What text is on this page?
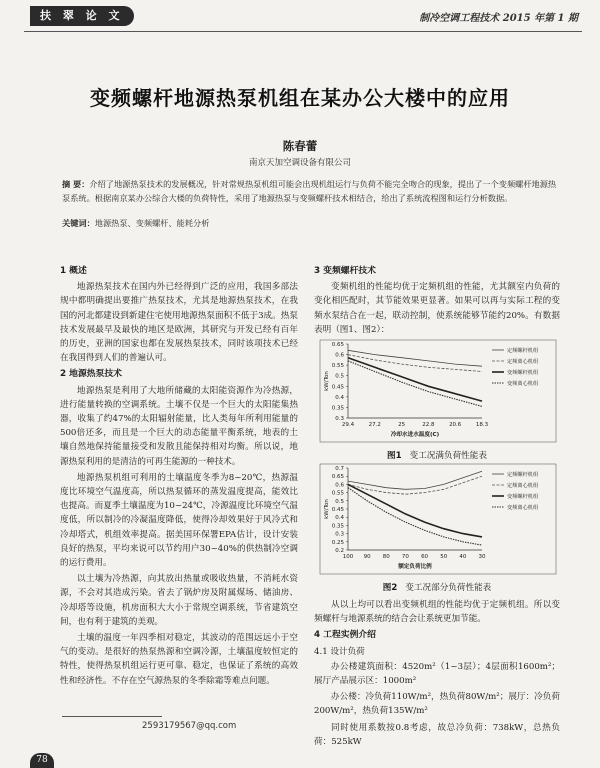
扶 翠 论 文	制冷空调工程技术 2015 年第 1 期
变频螺杆地源热泵机组在某办公大楼中的应用
陈春蕾
南京天加空调设备有限公司
摘 要：介绍了地源热泵技术的发展概况，针对常规热泵机组可能会出现机组运行与负荷不能完全吻合的现象，提出了一个变频螺杆地源热泵系统。根据南京某办公综合大楼的负荷特性，采用了地源热泵与变频螺杆技术相结合，给出了系统流程图和运行分析数据。
关键词：地源热泵、变频螺杆、能耗分析
1 概述
地源热泵技术在国内外已经得到广泛的应用，我国多部法规中都明确提出要推广热泵技术，尤其是地源热泵技术，在我国的河北都建设到新建住宅使用地源热泵面积不低于3成。热泵技术发展最早及最快的地区是欧洲，其研究与开发已经有百年的历史，亚洲的国家也都在发展热泵技术，同时该项技术已经在我国得到人们的普遍认可。
2 地源热泵技术
地源热泵是利用了大地所储藏的太阳能资源作为冷热源，进行能量转换的空调系统。土壤不仅是一个巨大的太阳能集热器，收集了约47%的太阳辐射能量，比人类每年所利用能量的500倍还多，而且是一个巨大的动态能量平衡系统，地表的土壤自然地保持能量接受和发散且能保持相对均衡。所以说，地源热泵利用的是清洁的可再生能源的一种技术。
地源热泵机组可利用的土壤温度冬季为8~20℃，热源温度比环境空气温度高，所以热泵循环的蒸发温度提高，能效比也提高。而夏季土壤温度为10~24℃，冷源温度比环境空气温度低，所以制冷的冷凝温度降低，使得冷却效果好于风冷式和冷却塔式，机组效率提高。据美国环保署EPA估计，设计安装良好的热泵，平均来说可以节约用户30~40%的供热制冷空调的运行费用。
以土壤为冷热源，向其放出热量或吸收热量，不消耗水资源，不会对其造成污染。省去了锅炉房及附属煤场、储油房、冷却塔等设施，机房面积大大小于常规空调系统，节省建筑空间，也有利于建筑的美观。
土壤的温度一年四季相对稳定，其波动的范围远远小于空气的变动。是很好的热泵热源和空调冷源，土壤温度较恒定的特性，使得热泵机组运行更可靠、稳定，也保证了系统的高效性和经济性。不存在空气源热泵的冬季除霜等难点问题。
3 变频螺杆技术
变频机组的性能均优于定频机组的性能，尤其额室内负荷的变化相匹配时，其节能效果更显著。如果可以再与实际工程的变频水泵结合在一起，联动控制，使系统能够节能约20%。有数据表明（图1、图2）：
0.65
0.6
0.55
0.5
0.45
0.4
0.35
0.3
kW/Ton
29.4	27.2	25	22.8	20.6	18.3
冷却水进水温度(C)
定频螺杆机组
定频离心机组
变频螺杆机组
变频离心机组
图1 变工况满负荷性能表
0.7
0.65
0.6
0.55
0.5
0.45
0.4
0.35
0.3
0.25
0.2
kW/Ton
100 90 80 70 60 50 40 30
额定负荷比例
定频螺杆机组
定频离心机组
变频螺杆机组
变频离心机组
图2 变工况部分负荷性能表
从以上均可以看出变频机组的性能均优于定频机组。所以变频螺杆与地源系统的结合会让系统更加节能。
4 工程实例介绍
4.1 设计负荷
办公楼建筑面积：4520m²（1~3层）；4层面积1600m²；展厅产品展示区：1000m²
办公楼：冷负荷110W/m²，热负荷80W/m²；展厅：冷负荷200W/m²，热负荷135W/m²
同时使用系数按0.8考虑，故总冷负荷：738kW，总热负荷：525kW
2593179567@qq.com
78
